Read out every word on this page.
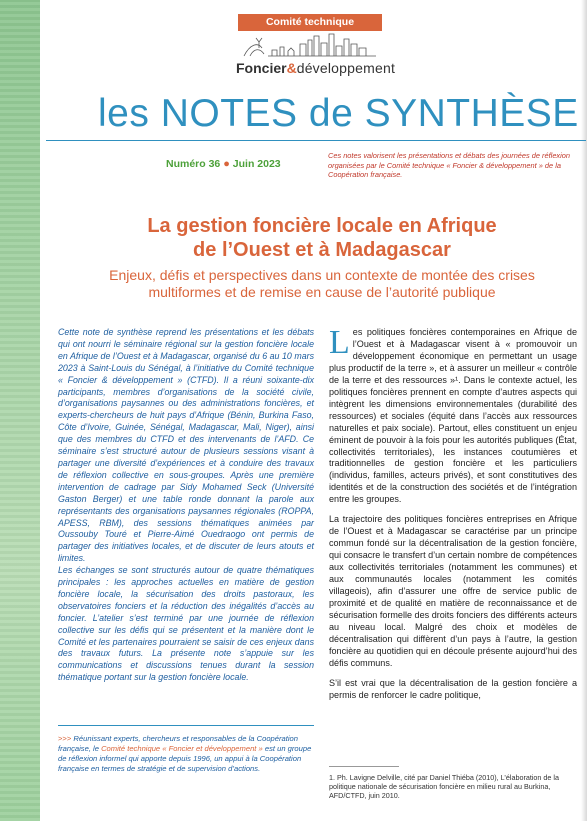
Comité technique
Foncier&développement
les NOTES de SYNTHÈSE
Numéro 36 ● Juin 2023
Ces notes valorisent les présentations et débats des journées de réflexion organisées par le Comité technique « Foncier & développement » de la Coopération française.
La gestion foncière locale en Afrique
de l’Ouest et à Madagascar
Enjeux, défis et perspectives dans un contexte de montée des crises
multiformes et de remise en cause de l’autorité publique

Cette note de synthèse reprend les présentations et les débats qui ont nourri le séminaire régional sur la gestion foncière locale en Afrique de l’Ouest et à Madagascar, organisé du 6 au 10 mars 2023 à Saint-Louis du Sénégal, à l’initiative du Comité technique « Foncier & développement » (CTFD). Il a réuni soixante-dix participants, membres d’organisations de la société civile, d’organisations paysannes ou des administrations foncières, et experts-chercheurs de huit pays d’Afrique (Bénin, Burkina Faso, Côte d’Ivoire, Guinée, Sénégal, Madagascar, Mali, Niger), ainsi que des membres du CTFD et des intervenants de l’AFD. Ce séminaire s’est structuré autour de plusieurs sessions visant à partager une diversité d’expériences et à conduire des travaux de réflexion collective en sous-groupes. Après une première intervention de cadrage par Sidy Mohamed Seck (Université Gaston Berger) et une table ronde donnant la parole aux représentants des organisations paysannes régionales (ROPPA, APESS, RBM), des sessions thématiques animées par Oussouby Touré et Pierre-Aimé Ouedraogo ont permis de partager des initiatives locales, et de discuter de leurs atouts et limites.

Les échanges se sont structurés autour de quatre thématiques principales : les approches actuelles en matière de gestion foncière locale, la sécurisation des droits pastoraux, les observatoires fonciers et la réduction des inégalités d’accès au foncier. L’atelier s’est terminé par une journée de réflexion collective sur les défis qui se présentent et la manière dont le Comité et les partenaires pourraient se saisir de ces enjeux dans des travaux futurs. La présente note s’appuie sur les communications et discussions tenues durant la session thématique portant sur la gestion foncière locale.

>>> Réunissant experts, chercheurs et responsables de la Coopération française, le Comité technique « Foncier et développement » est un groupe de réflexion informel qui apporte depuis 1996, un appui à la Coopération française en termes de stratégie et de supervision d’actions.

Les politiques foncières contemporaines en Afrique de l’Ouest et à Madagascar visent à « promouvoir un développement économique en permettant un usage plus productif de la terre », et à assurer un meilleur « contrôle de la terre et des ressources »¹. Dans le contexte actuel, les politiques foncières prennent en compte d’autres aspects qui intègrent les dimensions environnementales (durabilité des ressources) et sociales (équité dans l’accès aux ressources naturelles et paix sociale). Partout, elles constituent un enjeu éminent de pouvoir à la fois pour les autorités publiques (État, collectivités territoriales), les instances coutumières et traditionnelles de gestion foncière et les particuliers (individus, familles, acteurs privés), et sont constitutives des identités et de la construction des sociétés et de l’intégration entre les groupes.

La trajectoire des politiques foncières entreprises en Afrique de l’Ouest et à Madagascar se caractérise par un principe commun fondé sur la décentralisation de la gestion foncière, qui consacre le transfert d’un certain nombre de compétences aux collectivités territoriales (notamment les communes) et aux communautés locales (notamment les comités villageois), afin d’assurer une offre de service public de proximité et de qualité en matière de reconnaissance et de sécurisation formelle des droits fonciers des différents acteurs au niveau local. Malgré des choix et modèles de décentralisation qui diffèrent d’un pays à l’autre, la gestion foncière au quotidien qui en découle présente aujourd’hui des défis communs.

S’il est vrai que la décentralisation de la gestion foncière a permis de renforcer le cadre politique,

1. Ph. Lavigne Delville, cité par Daniel Thiéba (2010), L’élaboration de la politique nationale de sécurisation foncière en milieu rural au Burkina, AFD/CTFD, juin 2010.
